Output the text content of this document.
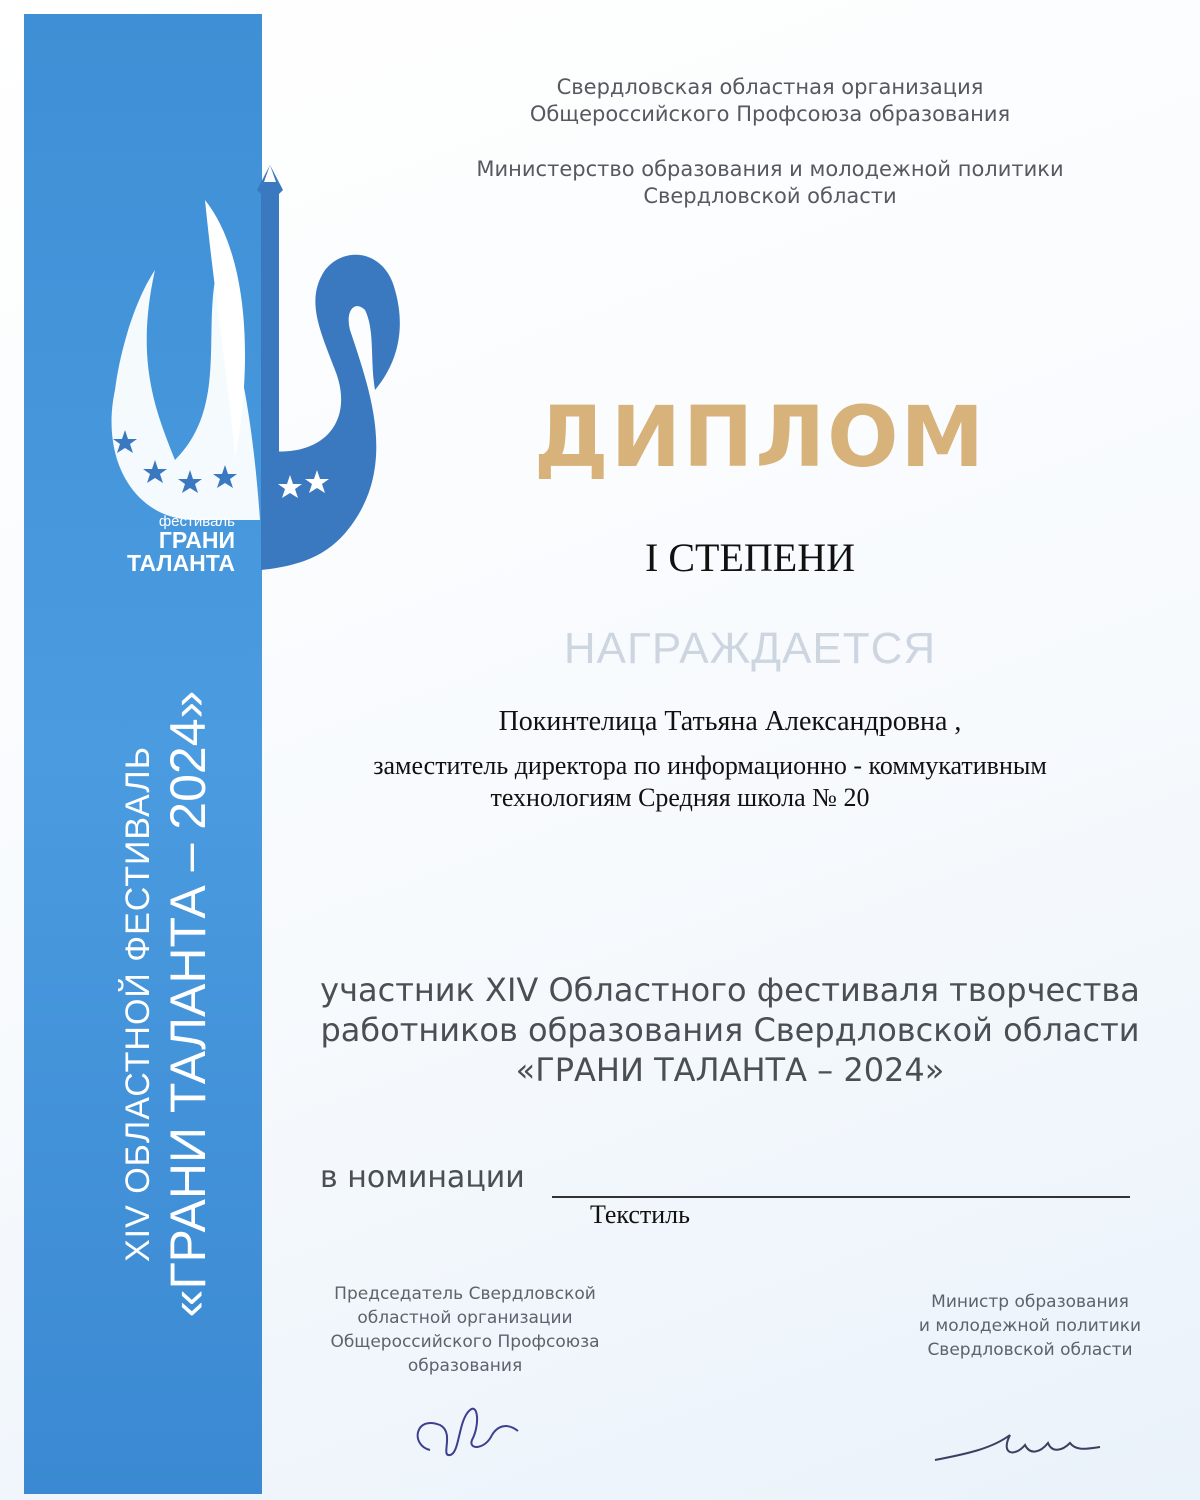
XIV ОБЛАСТНОЙ ФЕСТИВАЛЬ «ГРАНИ ТАЛАНТА – 2024»
фестиваль
ГРАНИ
ТАЛАНТА
Свердловская областная организация
Общероссийского Профсоюза образования
Министерство образования и молодежной политики
Свердловской области
ДИПЛОМ
I СТЕПЕНИ
НАГРАЖДАЕТСЯ
Покинтелица Татьяна Александровна ,
заместитель директора по информационно - коммукативным
технологиям Средняя школа № 20
участник XIV Областного фестиваля творчества
работников образования Свердловской области
«ГРАНИ ТАЛАНТА – 2024»
в номинации
Текстиль
Председатель Свердловской
областной организации
Общероссийского Профсоюза
образования
Министр образования
и молодежной политики
Свердловской области
